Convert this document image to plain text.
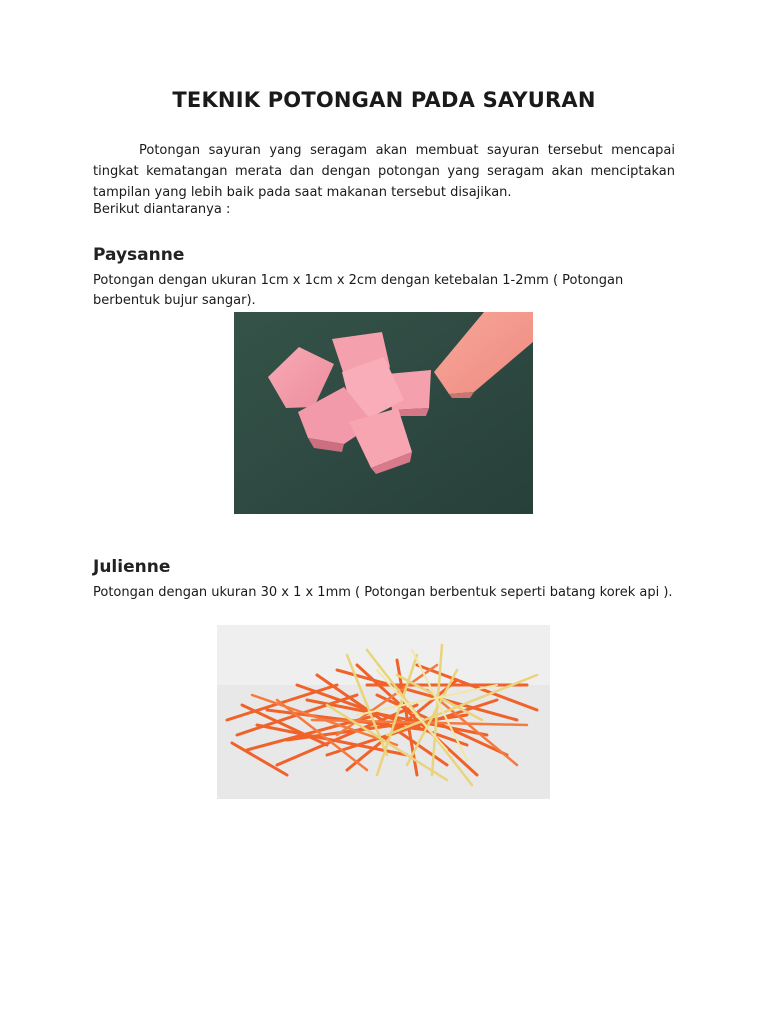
TEKNIK POTONGAN PADA SAYURAN
Potongan sayuran yang seragam akan membuat sayuran tersebut mencapai tingkat kematangan merata dan dengan potongan yang seragam akan menciptakan tampilan yang lebih baik pada saat makanan tersebut disajikan.
Berikut diantaranya :
Paysanne
Potongan dengan ukuran 1cm x 1cm x 2cm dengan ketebalan 1-2mm ( Potongan berbentuk bujur sangar).
Julienne
Potongan dengan ukuran 30 x 1 x 1mm ( Potongan berbentuk seperti batang korek api ).
